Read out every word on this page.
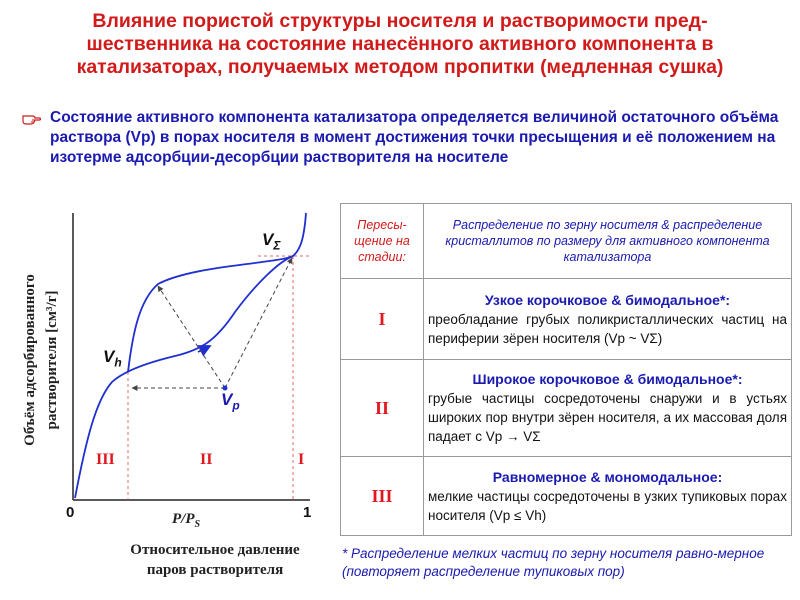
Влияние пористой структуры носителя и растворимости пред-шественника на состояние нанесённого активного компонента в катализаторах, получаемых методом пропитки (медленная сушка)
Состояние активного компонента катализатора определяется величиной остаточного объёма раствора (Vp) в порах носителя в момент достижения точки пресыщения и её положением на изотерме адсорбции-десорбции растворителя на носителе
Объём адсорбированного растворителя [см³/г]
0	1
$P/P_S$
Относительное давление
паров растворителя
$V_\Sigma$
$V_h$
$V_p$
III	II	I
Пересы-щение на стадии:	Распределение по зерну носителя & распределение кристаллитов по размеру для активного компонента катализатора
I	Узкое корочковое & бимодальное*:
преобладание грубых поликристаллических частиц на периферии зёрен носителя (Vp ~ VΣ)

II	Широкое корочковое & бимодальное*:
грубые частицы сосредоточены снаружи и в устьях широких пор внутри зёрен носителя, а их массовая доля падает с Vp → VΣ

III	Равномерное & мономодальное:
мелкие частицы сосредоточены в узких тупиковых порах носителя (Vp ≤ Vh)
* Распределение мелких частиц по зерну носителя равно-мерное (повторяет распределение тупиковых пор)
